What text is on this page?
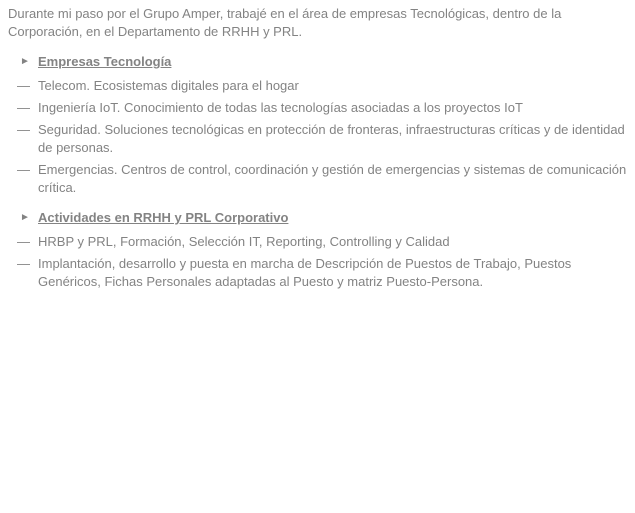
Durante mi paso por el Grupo Amper, trabajé en el área de empresas Tecnológicas, dentro de la Corporación, en el Departamento de RRHH y PRL.

► Empresas Tecnología
— Telecom. Ecosistemas digitales para el hogar
— Ingeniería IoT. Conocimiento de todas las tecnologías asociadas a los proyectos IoT
— Seguridad. Soluciones tecnológicas en protección de fronteras, infraestructuras críticas y de identidad de personas.
— Emergencias. Centros de control, coordinación y gestión de emergencias y sistemas de comunicación crítica.
► Actividades en RRHH y PRL Corporativo
— HRBP y PRL, Formación, Selección IT, Reporting, Controlling y Calidad
— Implantación, desarrollo y puesta en marcha de Descripción de Puestos de Trabajo, Puestos Genéricos, Fichas Personales adaptadas al Puesto y matriz Puesto-Persona.
